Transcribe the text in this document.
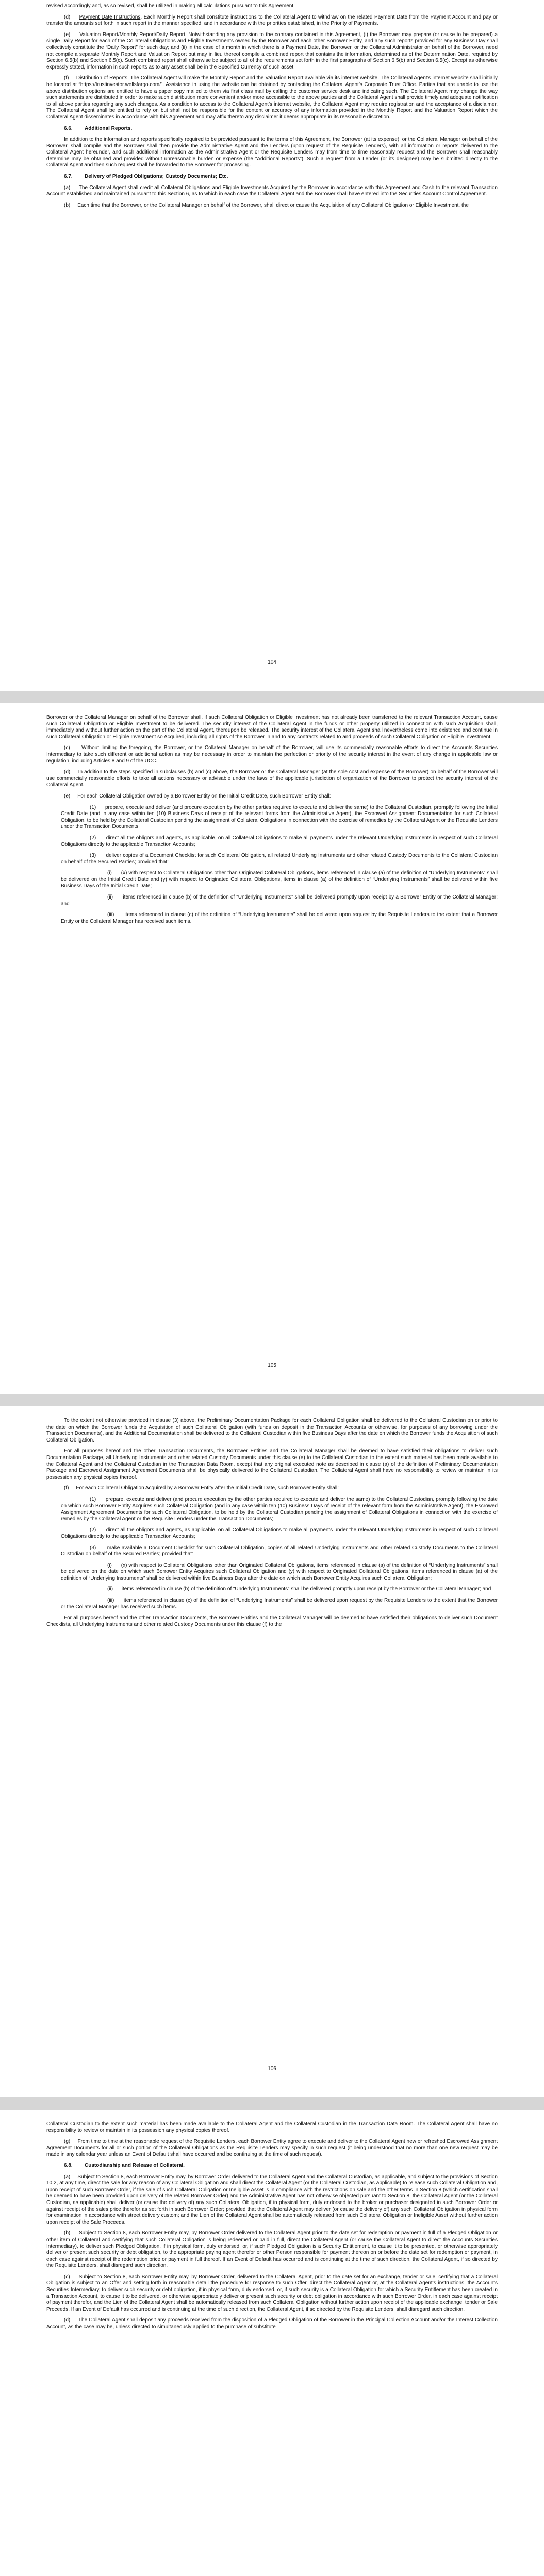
revised accordingly and, as so revised, shall be utilized in making all calculations pursuant to this Agreement.

(d) Payment Date Instructions. Each Monthly Report shall constitute instructions to the Collateral Agent to withdraw on the related Payment Date from the Payment Account and pay or transfer the amounts set forth in such report in the manner specified, and in accordance with the priorities established, in the Priority of Payments.

(e) Valuation Report/Monthly Report/Daily Report. Notwithstanding any provision to the contrary contained in this Agreement, (i) the Borrower may prepare (or cause to be prepared) a single Daily Report for each of the Collateral Obligations and Eligible Investments owned by the Borrower and each other Borrower Entity, and any such reports provided for any Business Day shall collectively constitute the “Daily Report” for such day; and (ii) in the case of a month in which there is a Payment Date, the Borrower, or the Collateral Administrator on behalf of the Borrower, need not compile a separate Monthly Report and Valuation Report but may in lieu thereof compile a combined report that contains the information, determined as of the Determination Date, required by Section 6.5(b) and Section 6.5(c). Such combined report shall otherwise be subject to all of the requirements set forth in the first paragraphs of Section 6.5(b) and Section 6.5(c). Except as otherwise expressly stated, information in such reports as to any asset shall be in the Specified Currency of such asset.

(f) Distribution of Reports. The Collateral Agent will make the Monthly Report and the Valuation Report available via its internet website. The Collateral Agent’s internet website shall initially be located at “https://trustinvestor.wellsfargo.com/”. Assistance in using the website can be obtained by contacting the Collateral Agent’s Corporate Trust Office. Parties that are unable to use the above distribution options are entitled to have a paper copy mailed to them via first class mail by calling the customer service desk and indicating such. The Collateral Agent may change the way such statements are distributed in order to make such distribution more convenient and/or more accessible to the above parties and the Collateral Agent shall provide timely and adequate notification to all above parties regarding any such changes. As a condition to access to the Collateral Agent’s internet website, the Collateral Agent may require registration and the acceptance of a disclaimer. The Collateral Agent shall be entitled to rely on but shall not be responsible for the content or accuracy of any information provided in the Monthly Report and the Valuation Report which the Collateral Agent disseminates in accordance with this Agreement and may affix thereto any disclaimer it deems appropriate in its reasonable discretion.

6.6. Additional Reports.

In addition to the information and reports specifically required to be provided pursuant to the terms of this Agreement, the Borrower (at its expense), or the Collateral Manager on behalf of the Borrower, shall compile and the Borrower shall then provide the Administrative Agent and the Lenders (upon request of the Requisite Lenders), with all information or reports delivered to the Collateral Agent hereunder, and such additional information as the Administrative Agent or the Requisite Lenders may from time to time reasonably request and the Borrower shall reasonably determine may be obtained and provided without unreasonable burden or expense (the “Additional Reports”). Such a request from a Lender (or its designee) may be submitted directly to the Collateral Agent and then such request shall be forwarded to the Borrower for processing.

6.7. Delivery of Pledged Obligations; Custody Documents; Etc.

(a) The Collateral Agent shall credit all Collateral Obligations and Eligible Investments Acquired by the Borrower in accordance with this Agreement and Cash to the relevant Transaction Account established and maintained pursuant to this Section 6, as to which in each case the Collateral Agent and the Borrower shall have entered into the Securities Account Control Agreement.

(b) Each time that the Borrower, or the Collateral Manager on behalf of the Borrower, shall direct or cause the Acquisition of any Collateral Obligation or Eligible Investment, the

104

Borrower or the Collateral Manager on behalf of the Borrower shall, if such Collateral Obligation or Eligible Investment has not already been transferred to the relevant Transaction Account, cause such Collateral Obligation or Eligible Investment to be delivered. The security interest of the Collateral Agent in the funds or other property utilized in connection with such Acquisition shall, immediately and without further action on the part of the Collateral Agent, thereupon be released. The security interest of the Collateral Agent shall nevertheless come into existence and continue in such Collateral Obligation or Eligible Investment so Acquired, including all rights of the Borrower in and to any contracts related to and proceeds of such Collateral Obligation or Eligible Investment.

(c) Without limiting the foregoing, the Borrower, or the Collateral Manager on behalf of the Borrower, will use its commercially reasonable efforts to direct the Accounts Securities Intermediary to take such different or additional action as may be necessary in order to maintain the perfection or priority of the security interest in the event of any change in applicable law or regulation, including Articles 8 and 9 of the UCC.

(d) In addition to the steps specified in subclauses (b) and (c) above, the Borrower or the Collateral Manager (at the sole cost and expense of the Borrower) on behalf of the Borrower will use commercially reasonable efforts to take all actions necessary or advisable under the laws of the applicable jurisdiction of organization of the Borrower to protect the security interest of the Collateral Agent.

(e) For each Collateral Obligation owned by a Borrower Entity on the Initial Credit Date, such Borrower Entity shall:

(1) prepare, execute and deliver (and procure execution by the other parties required to execute and deliver the same) to the Collateral Custodian, promptly following the Initial Credit Date (and in any case within ten (10) Business Days of receipt of the relevant forms from the Administrative Agent), the Escrowed Assignment Documentation for such Collateral Obligation, to be held by the Collateral Custodian pending the assignment of Collateral Obligations in connection with the exercise of remedies by the Collateral Agent or the Requisite Lenders under the Transaction Documents;

(2) direct all the obligors and agents, as applicable, on all Collateral Obligations to make all payments under the relevant Underlying Instruments in respect of such Collateral Obligations directly to the applicable Transaction Accounts;

(3) deliver copies of a Document Checklist for such Collateral Obligation, all related Underlying Instruments and other related Custody Documents to the Collateral Custodian on behalf of the Secured Parties; provided that:

(i) (x) with respect to Collateral Obligations other than Originated Collateral Obligations, items referenced in clause (a) of the definition of “Underlying Instruments” shall be delivered on the Initial Credit Date and (y) with respect to Originated Collateral Obligations, items in clause (a) of the definition of “Underlying Instruments” shall be delivered within five Business Days of the Initial Credit Date;

(ii) items referenced in clause (b) of the definition of “Underlying Instruments” shall be delivered promptly upon receipt by a Borrower Entity or the Collateral Manager; and

(iii) items referenced in clause (c) of the definition of “Underlying Instruments” shall be delivered upon request by the Requisite Lenders to the extent that a Borrower Entity or the Collateral Manager has received such items.

105

To the extent not otherwise provided in clause (3) above, the Preliminary Documentation Package for each Collateral Obligation shall be delivered to the Collateral Custodian on or prior to the date on which the Borrower funds the Acquisition of such Collateral Obligation (with funds on deposit in the Transaction Accounts or otherwise, for purposes of any borrowing under the Transaction Documents), and the Additional Documentation shall be delivered to the Collateral Custodian within five Business Days after the date on which the Borrower funds the Acquisition of such Collateral Obligation.

For all purposes hereof and the other Transaction Documents, the Borrower Entities and the Collateral Manager shall be deemed to have satisfied their obligations to deliver such Documentation Package, all Underlying Instruments and other related Custody Documents under this clause (e) to the Collateral Custodian to the extent such material has been made available to the Collateral Agent and the Collateral Custodian in the Transaction Data Room, except that any original executed note as described in clause (a) of the definition of Preliminary Documentation Package and Escrowed Assignment Agreement Documents shall be physically delivered to the Collateral Custodian. The Collateral Agent shall have no responsibility to review or maintain in its possession any physical copies thereof.

(f) For each Collateral Obligation Acquired by a Borrower Entity after the Initial Credit Date, such Borrower Entity shall:

(1) prepare, execute and deliver (and procure execution by the other parties required to execute and deliver the same) to the Collateral Custodian, promptly following the date on which such Borrower Entity Acquires such Collateral Obligation (and in any case within ten (10) Business Days of receipt of the relevant form from the Administrative Agent), the Escrowed Assignment Agreement Documents for such Collateral Obligation, to be held by the Collateral Custodian pending the assignment of Collateral Obligations in connection with the exercise of remedies by the Collateral Agent or the Requisite Lenders under the Transaction Documents;

(2) direct all the obligors and agents, as applicable, on all Collateral Obligations to make all payments under the relevant Underlying Instruments in respect of such Collateral Obligations directly to the applicable Transaction Accounts;

(3) make available a Document Checklist for such Collateral Obligation, copies of all related Underlying Instruments and other related Custody Documents to the Collateral Custodian on behalf of the Secured Parties; provided that:

(i) (x) with respect to Collateral Obligations other than Originated Collateral Obligations, items referenced in clause (a) of the definition of “Underlying Instruments” shall be delivered on the date on which such Borrower Entity Acquires such Collateral Obligation and (y) with respect to Originated Collateral Obligations, items referenced in clause (a) of the definition of “Underlying Instruments” shall be delivered within five Business Days after the date on which such Borrower Entity Acquires such Collateral Obligation;

(ii) items referenced in clause (b) of the definition of “Underlying Instruments” shall be delivered promptly upon receipt by the Borrower or the Collateral Manager; and

(iii) items referenced in clause (c) of the definition of “Underlying Instruments” shall be delivered upon request by the Requisite Lenders to the extent that the Borrower or the Collateral Manager has received such items.

For all purposes hereof and the other Transaction Documents, the Borrower Entities and the Collateral Manager will be deemed to have satisfied their obligations to deliver such Document Checklists, all Underlying Instruments and other related Custody Documents under this clause (f) to the

106

Collateral Custodian to the extent such material has been made available to the Collateral Agent and the Collateral Custodian in the Transaction Data Room. The Collateral Agent shall have no responsibility to review or maintain in its possession any physical copies thereof.

(g) From time to time at the reasonable request of the Requisite Lenders, each Borrower Entity agree to execute and deliver to the Collateral Agent new or refreshed Escrowed Assignment Agreement Documents for all or such portion of the Collateral Obligations as the Requisite Lenders may specify in such request (it being understood that no more than one new request may be made in any calendar year unless an Event of Default shall have occurred and be continuing at the time of such request).

6.8. Custodianship and Release of Collateral.

(a) Subject to Section 8, each Borrower Entity may, by Borrower Order delivered to the Collateral Agent and the Collateral Custodian, as applicable, and subject to the provisions of Section 10.2, at any time, direct the sale for any reason of any Collateral Obligation and shall direct the Collateral Agent (or the Collateral Custodian, as applicable) to release such Collateral Obligation and, upon receipt of such Borrower Order, if the sale of such Collateral Obligation or Ineligible Asset is in compliance with the restrictions on sale and the other terms in Section 8 (which certification shall be deemed to have been provided upon delivery of the related Borrower Order) and the Administrative Agent has not otherwise objected pursuant to Section 8, the Collateral Agent (or the Collateral Custodian, as applicable) shall deliver (or cause the delivery of) any such Collateral Obligation, if in physical form, duly endorsed to the broker or purchaser designated in such Borrower Order or against receipt of the sales price therefor as set forth in such Borrower Order; provided that the Collateral Agent may deliver (or cause the delivery of) any such Collateral Obligation in physical form for examination in accordance with street delivery custom; and the Lien of the Collateral Agent shall be automatically released from such Collateral Obligation or Ineligible Asset without further action upon receipt of the Sale Proceeds.

(b) Subject to Section 8, each Borrower Entity may, by Borrower Order delivered to the Collateral Agent prior to the date set for redemption or payment in full of a Pledged Obligation or other item of Collateral and certifying that such Collateral Obligation is being redeemed or paid in full, direct the Collateral Agent (or cause the Collateral Agent to direct the Accounts Securities Intermediary), to deliver such Pledged Obligation, if in physical form, duly endorsed, or, if such Pledged Obligation is a Security Entitlement, to cause it to be presented, or otherwise appropriately deliver or present such security or debt obligation, to the appropriate paying agent therefor or other Person responsible for payment thereon on or before the date set for redemption or payment, in each case against receipt of the redemption price or payment in full thereof. If an Event of Default has occurred and is continuing at the time of such direction, the Collateral Agent, if so directed by the Requisite Lenders, shall disregard such direction.

(c) Subject to Section 8, each Borrower Entity may, by Borrower Order, delivered to the Collateral Agent, prior to the date set for an exchange, tender or sale, certifying that a Collateral Obligation is subject to an Offer and setting forth in reasonable detail the procedure for response to such Offer, direct the Collateral Agent or, at the Collateral Agent’s instructions, the Accounts Securities Intermediary, to deliver such security or debt obligation, if in physical form, duly endorsed, or, if such security is a Collateral Obligation for which a Security Entitlement has been created in a Transaction Account, to cause it to be delivered, or otherwise appropriately deliver or present such security or debt obligation in accordance with such Borrower Order, in each case against receipt of payment therefor, and the Lien of the Collateral Agent shall be automatically released from such Collateral Obligation without further action upon receipt of the applicable exchange, tender or Sale Proceeds. If an Event of Default has occurred and is continuing at the time of such direction, the Collateral Agent, if so directed by the Requisite Lenders, shall disregard such direction.

(d) The Collateral Agent shall deposit any proceeds received from the disposition of a Pledged Obligation of the Borrower in the Principal Collection Account and/or the Interest Collection Account, as the case may be, unless directed to simultaneously applied to the purchase of substitute
